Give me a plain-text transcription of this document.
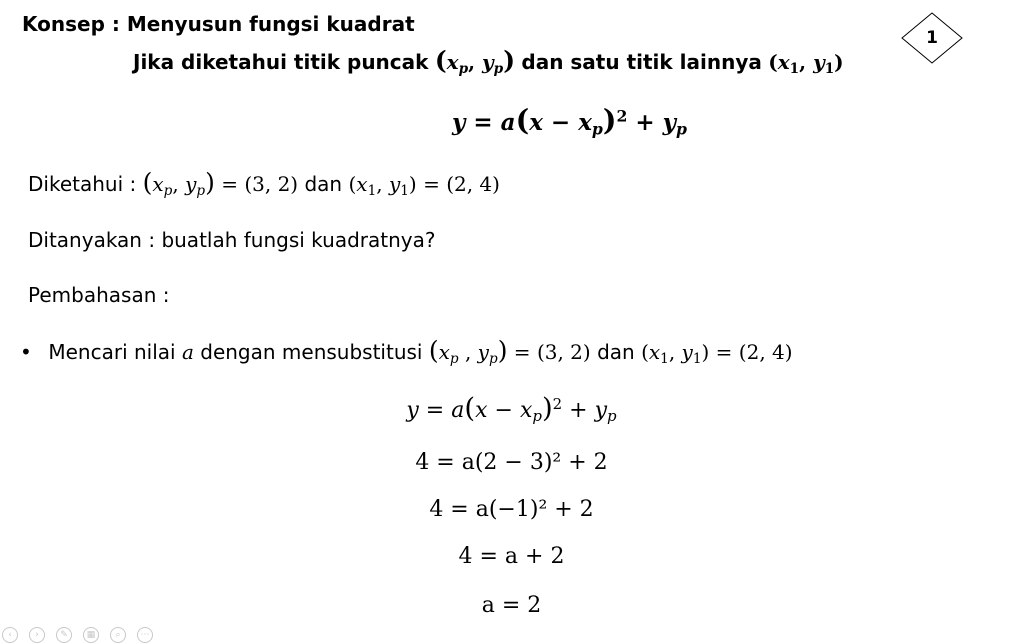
Konsep : Menyusun fungsi kuadrat
Jika diketahui titik puncak ($x_p$, $y_p$) dan satu titik lainnya ($x_1$, $y_1$)
$y = a(x - x_p)^2 + y_p$
1
Diketahui : ($x_p$, $y_p) = (3$, 2) dan ($x_1$, $y_1) = (2$, 4)
Ditanyakan : buatlah fungsi kuadratnya?
Pembahasan :
• Mencari nilai a dengan mensubstitusi ($x_p$ , $y_p) = (3$, 2) dan ($x_1$, $y_1) = (2$, 4)
$y = a(x - x_p)^2 + y_p$
4 = a(2 − 3)² + 2
4 = a(−1)² + 2
4 = a + 2
a = 2
‹	› ✎ ▦ ⌕ ⋯
